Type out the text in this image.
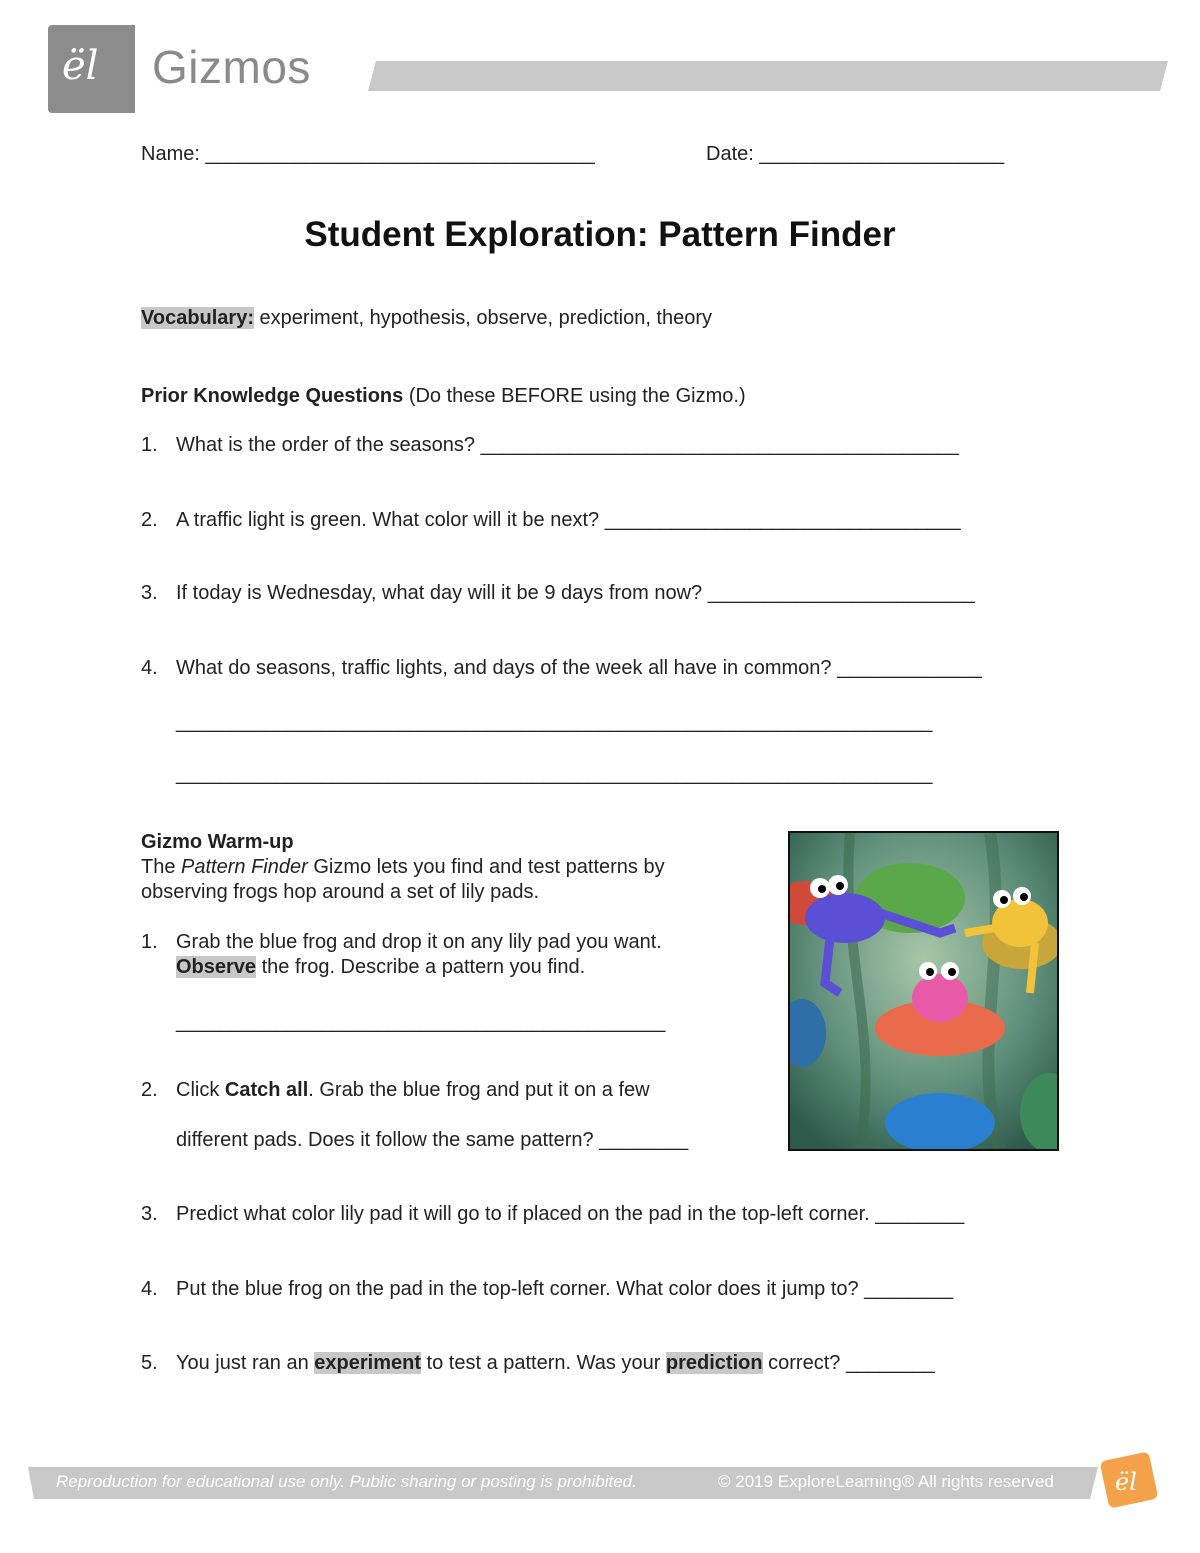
ël Gizmos
Name: ___________________________________	Date: ______________________
Student Exploration: Pattern Finder
Vocabulary: experiment, hypothesis, observe, prediction, theory
Prior Knowledge Questions (Do these BEFORE using the Gizmo.)
1. What is the order of the seasons? ___________________________________________
2. A traffic light is green. What color will it be next? ________________________________
3. If today is Wednesday, what day will it be 9 days from now? ________________________
4. What do seasons, traffic lights, and days of the week all have in common? _____________
____________________________________________________________________
____________________________________________________________________
Gizmo Warm-up
The Pattern Finder Gizmo lets you find and test patterns by
observing frogs hop around a set of lily pads.
1. Grab the blue frog and drop it on any lily pad you want.
Observe the frog. Describe a pattern you find.
____________________________________________
2. Click Catch all. Grab the blue frog and put it on a few
different pads. Does it follow the same pattern? ________
3. Predict what color lily pad it will go to if placed on the pad in the top-left corner. ________
4. Put the blue frog on the pad in the top-left corner. What color does it jump to? ________
5. You just ran an experiment to test a pattern. Was your prediction correct? ________
Reproduction for educational use only. Public sharing or posting is prohibited.	© 2019 ExploreLearning® All rights reserved	ël
